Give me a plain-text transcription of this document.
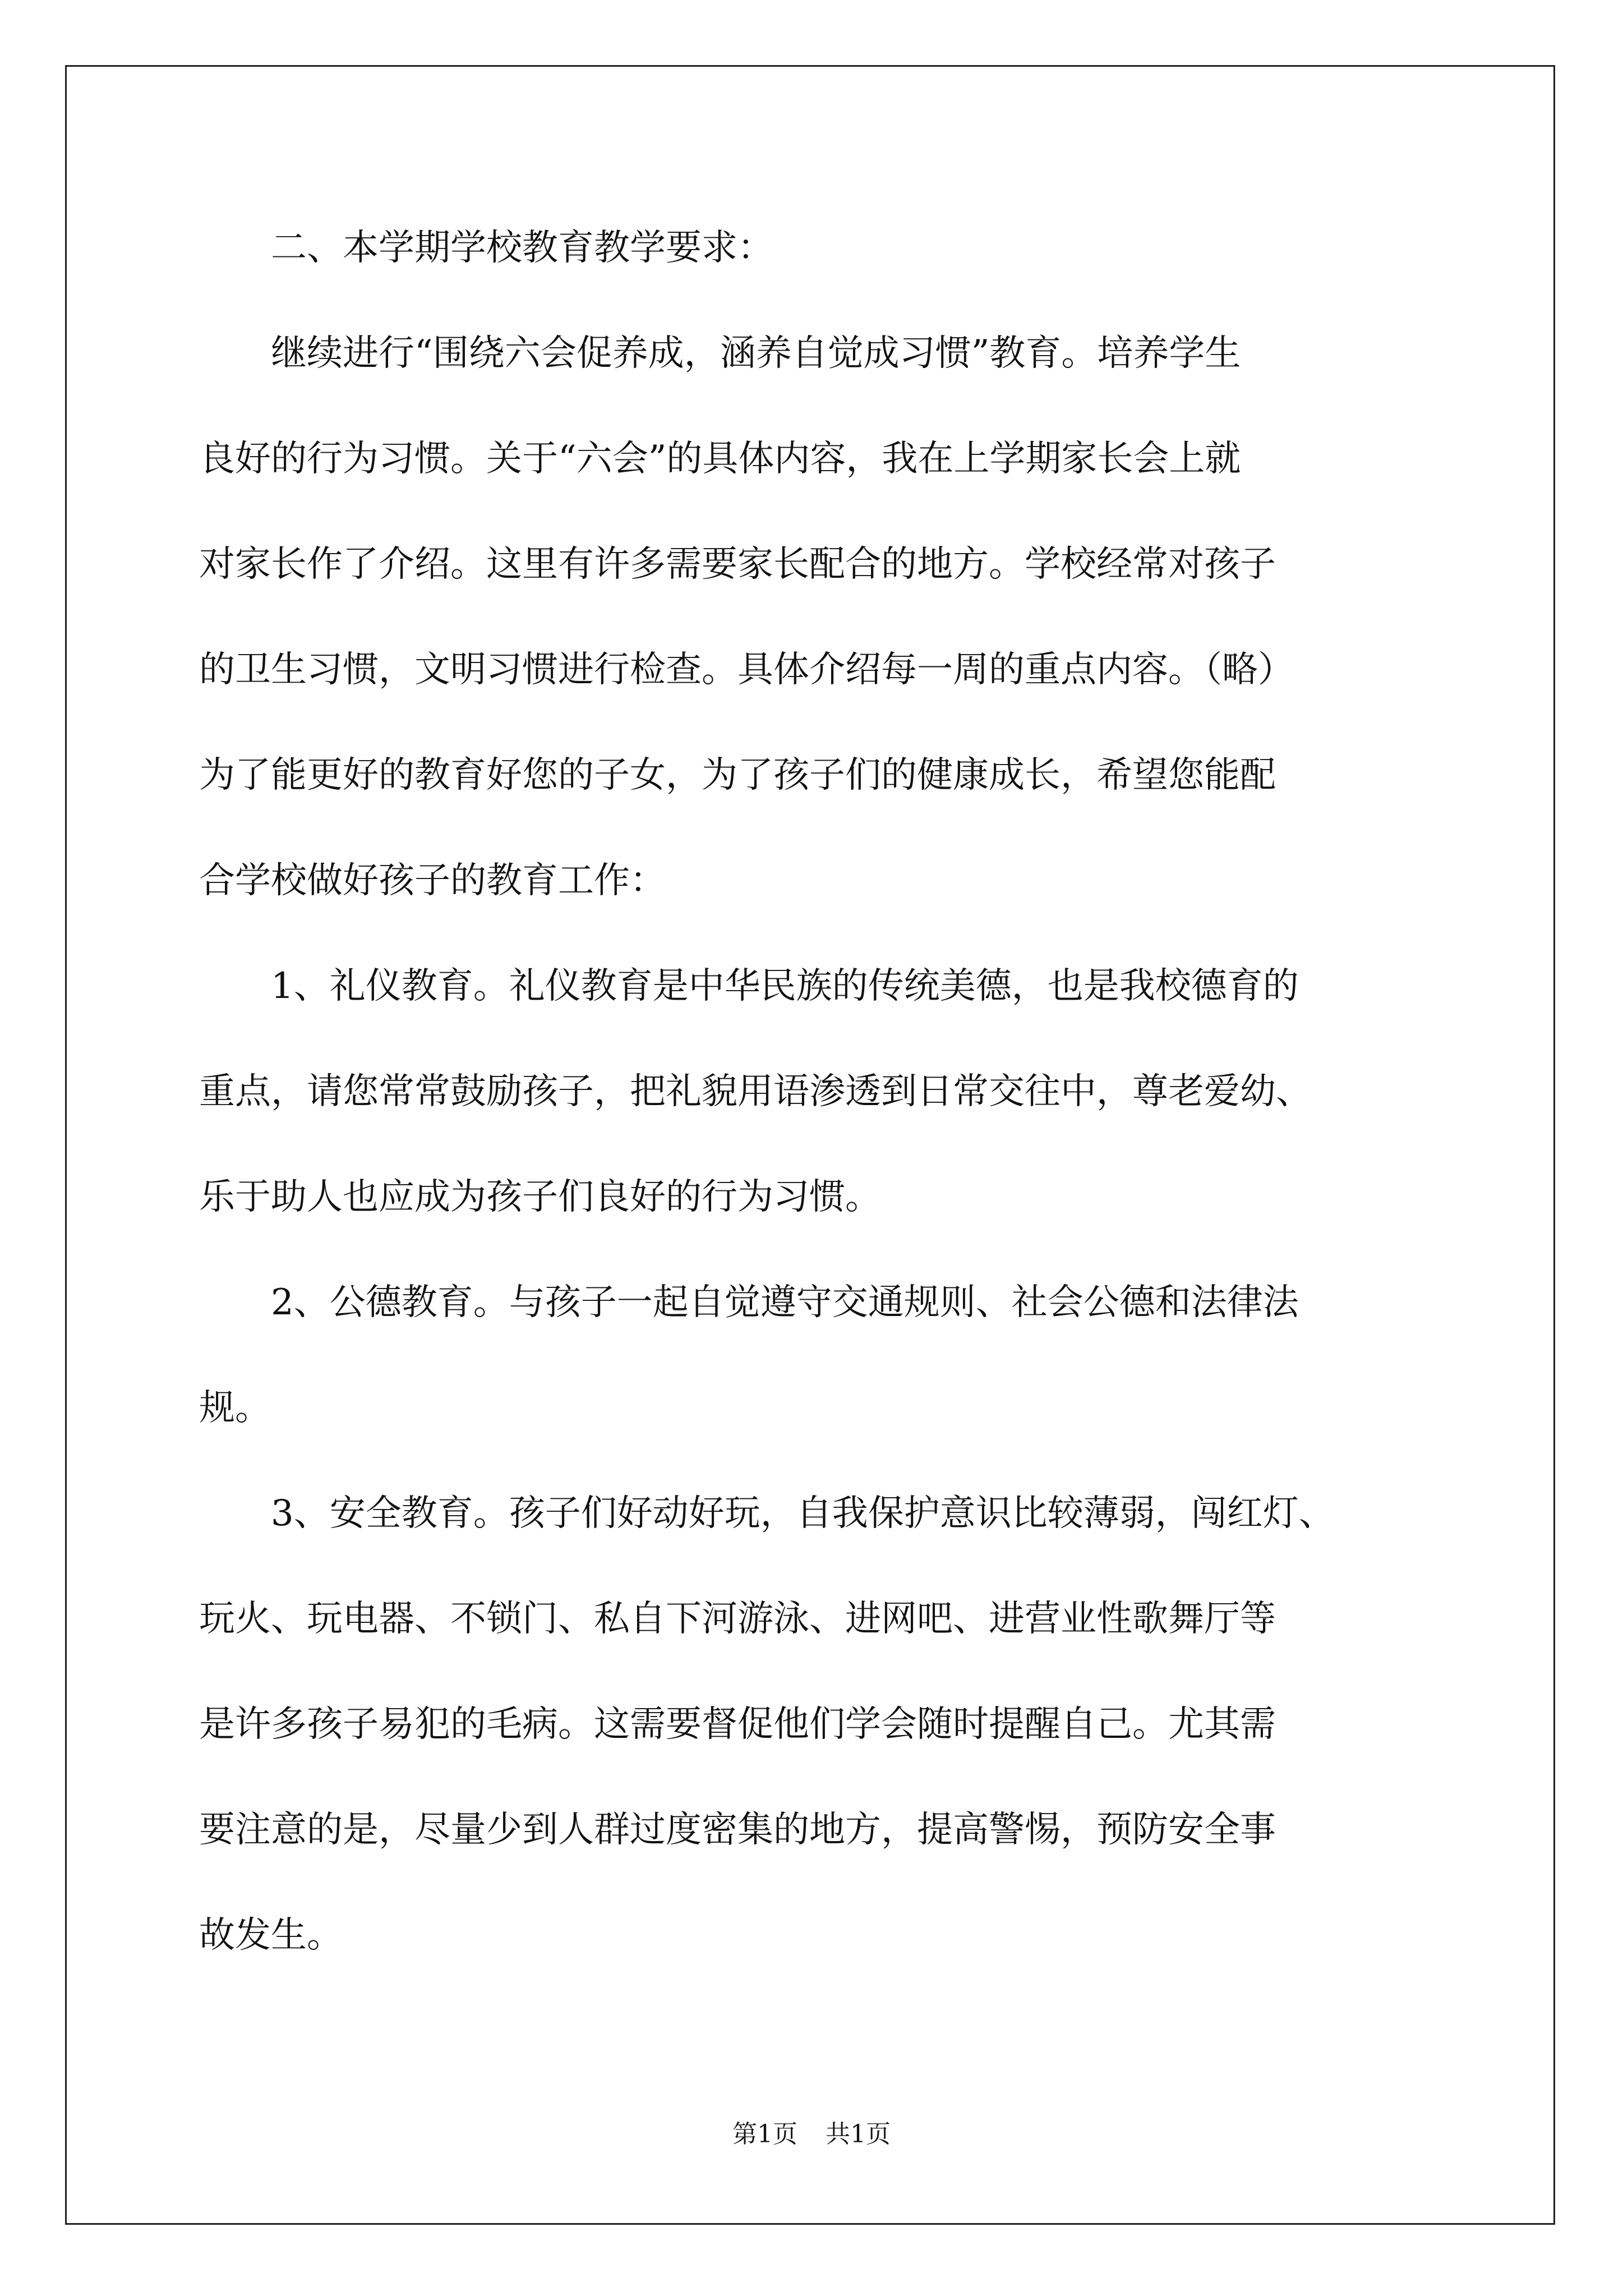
二、本学期学校教育教学要求：
继续进行“围绕六会促养成，涵养自觉成习惯”教育。培养学生
良好的行为习惯。关于“六会”的具体内容，我在上学期家长会上就
对家长作了介绍。这里有许多需要家长配合的地方。学校经常对孩子
的卫生习惯，文明习惯进行检查。具体介绍每一周的重点内容。（略）
为了能更好的教育好您的子女，为了孩子们的健康成长，希望您能配
合学校做好孩子的教育工作：
1、礼仪教育。礼仪教育是中华民族的传统美德，也是我校德育的
重点，请您常常鼓励孩子，把礼貌用语渗透到日常交往中，尊老爱幼、
乐于助人也应成为孩子们良好的行为习惯。
2、公德教育。与孩子一起自觉遵守交通规则、社会公德和法律法
规。
3、安全教育。孩子们好动好玩，自我保护意识比较薄弱，闯红灯、
玩火、玩电器、不锁门、私自下河游泳、进网吧、进营业性歌舞厅等
是许多孩子易犯的毛病。这需要督促他们学会随时提醒自己。尤其需
要注意的是，尽量少到人群过度密集的地方，提高警惕，预防安全事
故发生。
第1页 共1页
